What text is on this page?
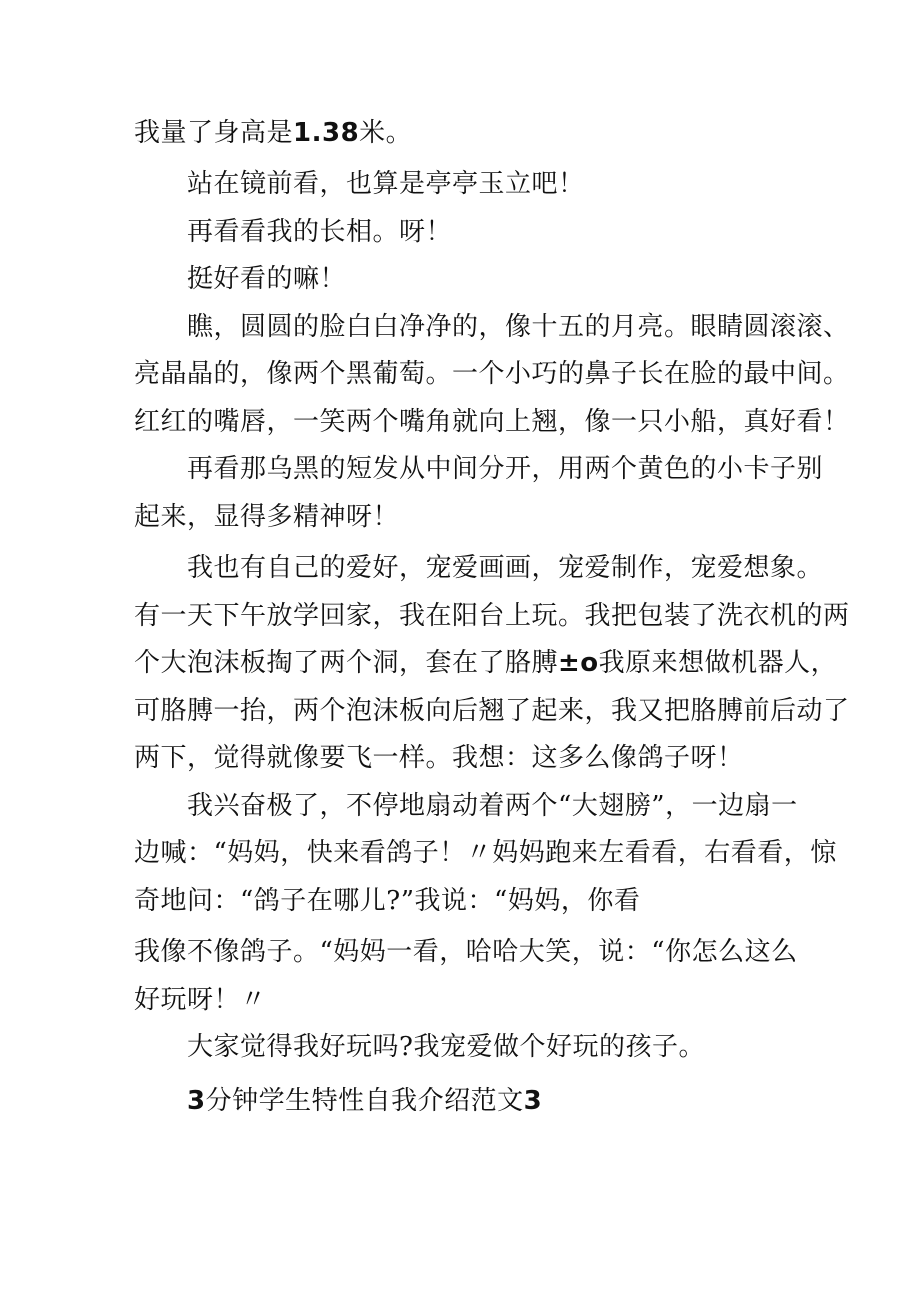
我量了身高是1.38米。

站在镜前看，也算是亭亭玉立吧！

再看看我的长相。呀！

挺好看的嘛！

瞧，圆圆的脸白白净净的，像十五的月亮。眼睛圆滚滚、

亮晶晶的，像两个黑葡萄。一个小巧的鼻子长在脸的最中间。

红红的嘴唇，一笑两个嘴角就向上翘，像一只小船，真好看！

再看那乌黑的短发从中间分开，用两个黄色的小卡子别

起来，显得多精神呀！

我也有自己的爱好，宠爱画画，宠爱制作，宠爱想象。

有一天下午放学回家，我在阳台上玩。我把包装了洗衣机的两

个大泡沫板掏了两个洞，套在了胳膊±o我原来想做机器人，

可胳膊一抬，两个泡沫板向后翘了起来，我又把胳膊前后动了

两下，觉得就像要飞一样。我想：这多么像鸽子呀！

我兴奋极了，不停地扇动着两个“大翅膀”，一边扇一

边喊：“妈妈，快来看鸽子！〃妈妈跑来左看看，右看看，惊

奇地问：“鸽子在哪儿?”我说：“妈妈，你看

我像不像鸽子。“妈妈一看，哈哈大笑，说：“你怎么这么

好玩呀！〃

大家觉得我好玩吗?我宠爱做个好玩的孩子。

3分钟学生特性自我介绍范文3
